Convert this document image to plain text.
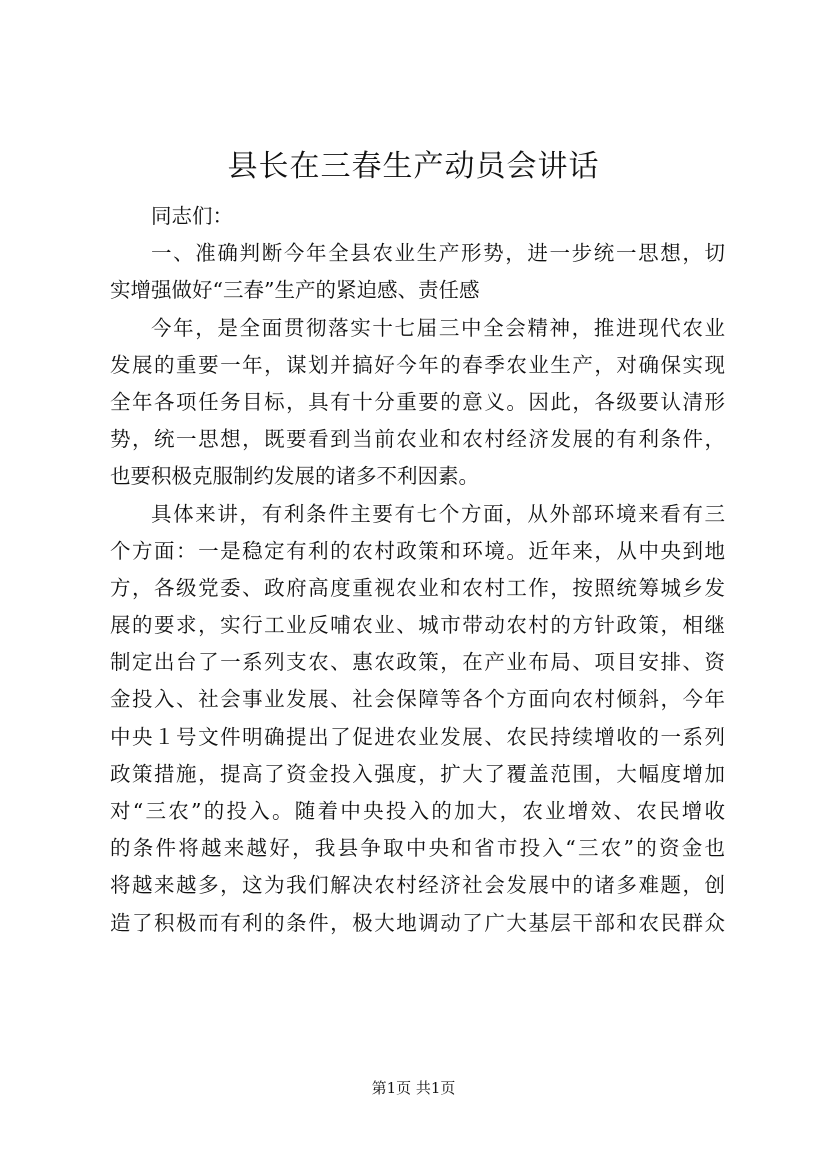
县长在三春生产动员会讲话
同志们：
一、准确判断今年全县农业生产形势，进一步统一思想，切
实增强做好“三春”生产的紧迫感、责任感
今年，是全面贯彻落实十七届三中全会精神，推进现代农业
发展的重要一年，谋划并搞好今年的春季农业生产，对确保实现
全年各项任务目标，具有十分重要的意义。因此，各级要认清形
势，统一思想，既要看到当前农业和农村经济发展的有利条件，
也要积极克服制约发展的诸多不利因素。
具体来讲，有利条件主要有七个方面，从外部环境来看有三
个方面：一是稳定有利的农村政策和环境。近年来，从中央到地
方，各级党委、政府高度重视农业和农村工作，按照统筹城乡发
展的要求，实行工业反哺农业、城市带动农村的方针政策，相继
制定出台了一系列支农、惠农政策，在产业布局、项目安排、资
金投入、社会事业发展、社会保障等各个方面向农村倾斜，今年
中央１号文件明确提出了促进农业发展、农民持续增收的一系列
政策措施，提高了资金投入强度，扩大了覆盖范围，大幅度增加
对“三农”的投入。随着中央投入的加大，农业增效、农民增收
的条件将越来越好，我县争取中央和省市投入“三农”的资金也
将越来越多，这为我们解决农村经济社会发展中的诸多难题，创
造了积极而有利的条件，极大地调动了广大基层干部和农民群众
第1页 共1页
